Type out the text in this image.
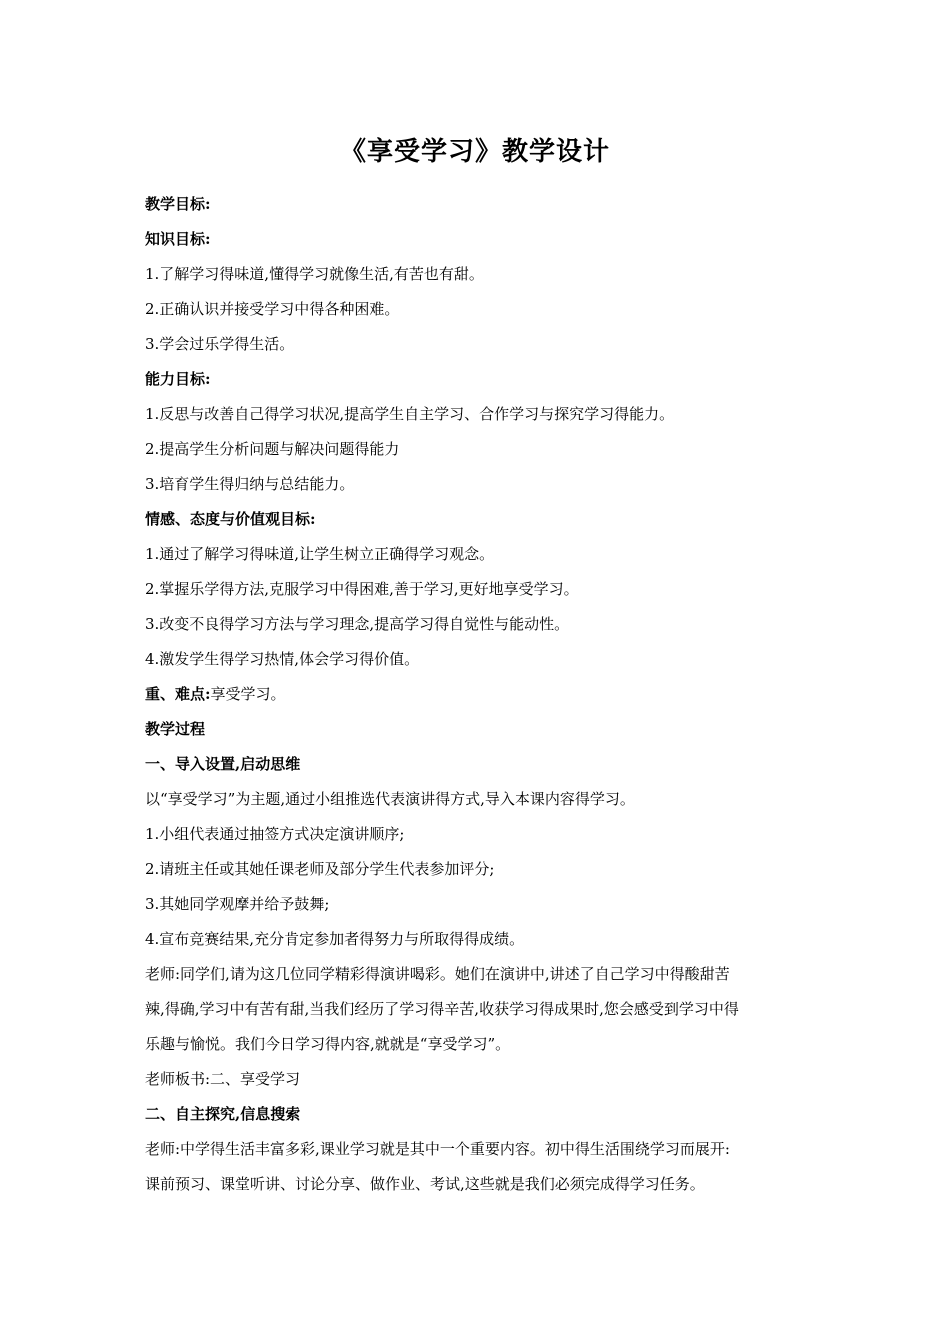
《享受学习》教学设计
教学目标:
知识目标:
1.了解学习得味道,懂得学习就像生活,有苦也有甜。
2.正确认识并接受学习中得各种困难。
3.学会过乐学得生活。
能力目标:
1.反思与改善自己得学习状况,提高学生自主学习、合作学习与探究学习得能力。
2.提高学生分析问题与解决问题得能力
3.培育学生得归纳与总结能力。
情感、态度与价值观目标:
1.通过了解学习得味道,让学生树立正确得学习观念。
2.掌握乐学得方法,克服学习中得困难,善于学习,更好地享受学习。
3.改变不良得学习方法与学习理念,提高学习得自觉性与能动性。
4.激发学生得学习热情,体会学习得价值。
重、难点:享受学习。
教学过程
一、导入设置,启动思维
以“享受学习”为主题,通过小组推选代表演讲得方式,导入本课内容得学习。
1.小组代表通过抽签方式决定演讲顺序;
2.请班主任或其她任课老师及部分学生代表参加评分;
3.其她同学观摩并给予鼓舞;
4.宣布竞赛结果,充分肯定参加者得努力与所取得得成绩。
老师:同学们,请为这几位同学精彩得演讲喝彩。她们在演讲中,讲述了自己学习中得酸甜苦
辣,得确,学习中有苦有甜,当我们经历了学习得辛苦,收获学习得成果时,您会感受到学习中得
乐趣与愉悦。我们今日学习得内容,就就是“享受学习”。
老师板书:二、享受学习
二、自主探究,信息搜索
老师:中学得生活丰富多彩,课业学习就是其中一个重要内容。初中得生活围绕学习而展开:
课前预习、课堂听讲、讨论分享、做作业、考试,这些就是我们必须完成得学习任务。
